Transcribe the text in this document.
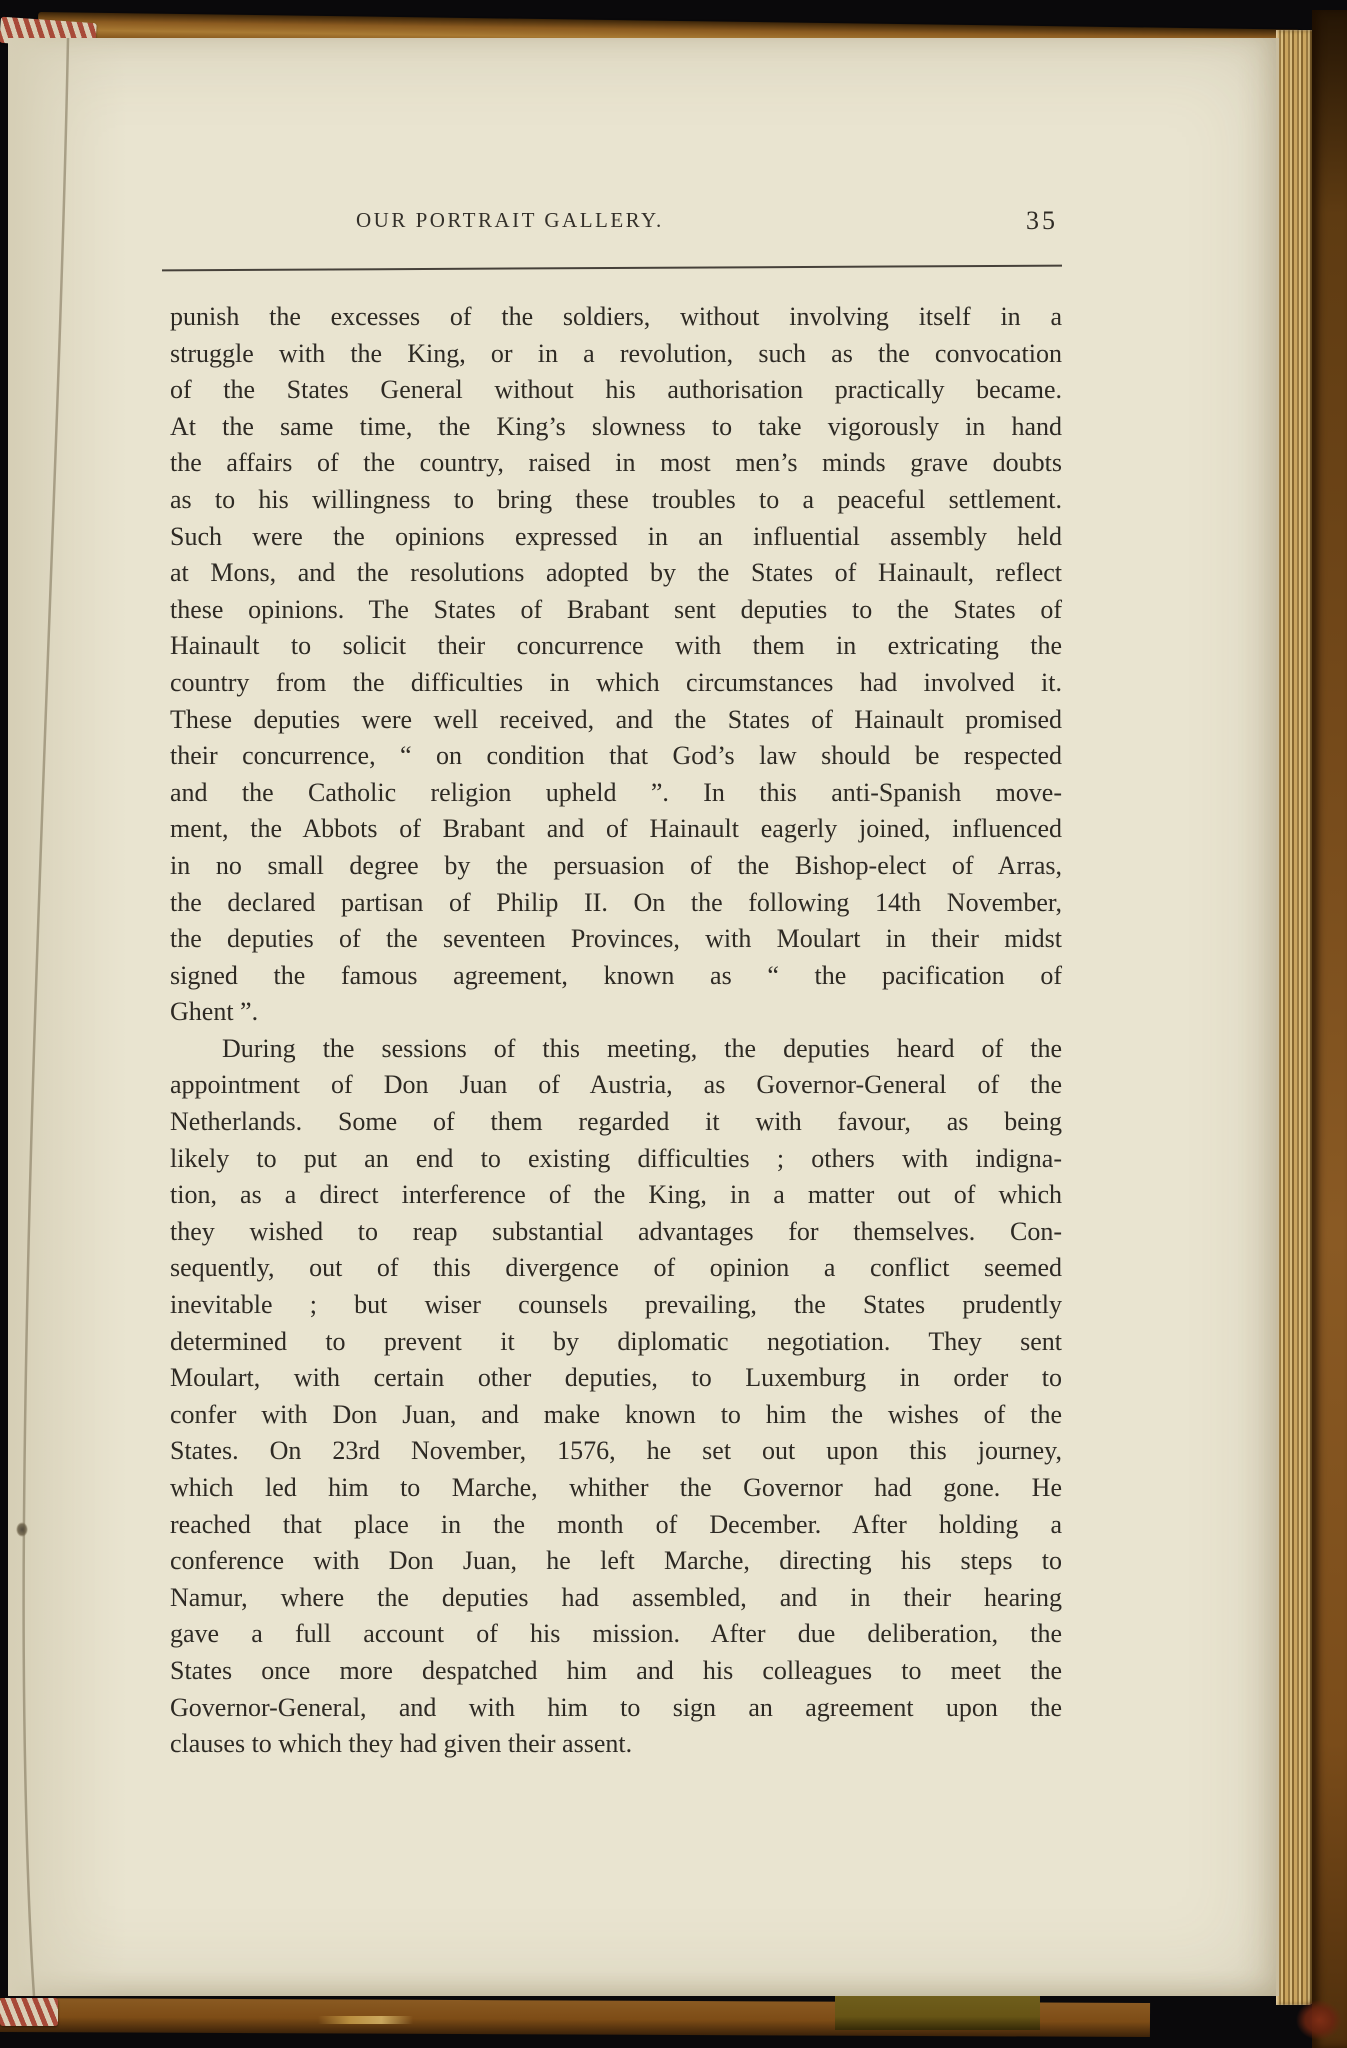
OUR PORTRAIT GALLERY.	35
punish the excesses of the soldiers, without involving itself in a
struggle with the King, or in a revolution, such as the convocation
of the States General without his authorisation practically became.
At the same time, the King’s slowness to take vigorously in hand
the affairs of the country, raised in most men’s minds grave doubts
as to his willingness to bring these troubles to a peaceful settlement.
Such were the opinions expressed in an influential assembly held
at Mons, and the resolutions adopted by the States of Hainault, reflect
these opinions. The States of Brabant sent deputies to the States of
Hainault to solicit their concurrence with them in extricating the
country from the difficulties in which circumstances had involved it.
These deputies were well received, and the States of Hainault promised
their concurrence, “ on condition that God’s law should be respected
and the Catholic religion upheld ”. In this anti-Spanish move-
ment, the Abbots of Brabant and of Hainault eagerly joined, influenced
in no small degree by the persuasion of the Bishop-elect of Arras,
the declared partisan of Philip II. On the following 14th November,
the deputies of the seventeen Provinces, with Moulart in their midst
signed the famous agreement, known as “ the pacification of
Ghent ”.
During the sessions of this meeting, the deputies heard of the
appointment of Don Juan of Austria, as Governor-General of the
Netherlands. Some of them regarded it with favour, as being
likely to put an end to existing difficulties ; others with indigna-
tion, as a direct interference of the King, in a matter out of which
they wished to reap substantial advantages for themselves. Con-
sequently, out of this divergence of opinion a conflict seemed
inevitable ; but wiser counsels prevailing, the States prudently
determined to prevent it by diplomatic negotiation. They sent
Moulart, with certain other deputies, to Luxemburg in order to
confer with Don Juan, and make known to him the wishes of the
States. On 23rd November, 1576, he set out upon this journey,
which led him to Marche, whither the Governor had gone. He
reached that place in the month of December. After holding a
conference with Don Juan, he left Marche, directing his steps to
Namur, where the deputies had assembled, and in their hearing
gave a full account of his mission. After due deliberation, the
States once more despatched him and his colleagues to meet the
Governor-General, and with him to sign an agreement upon the
clauses to which they had given their assent.
